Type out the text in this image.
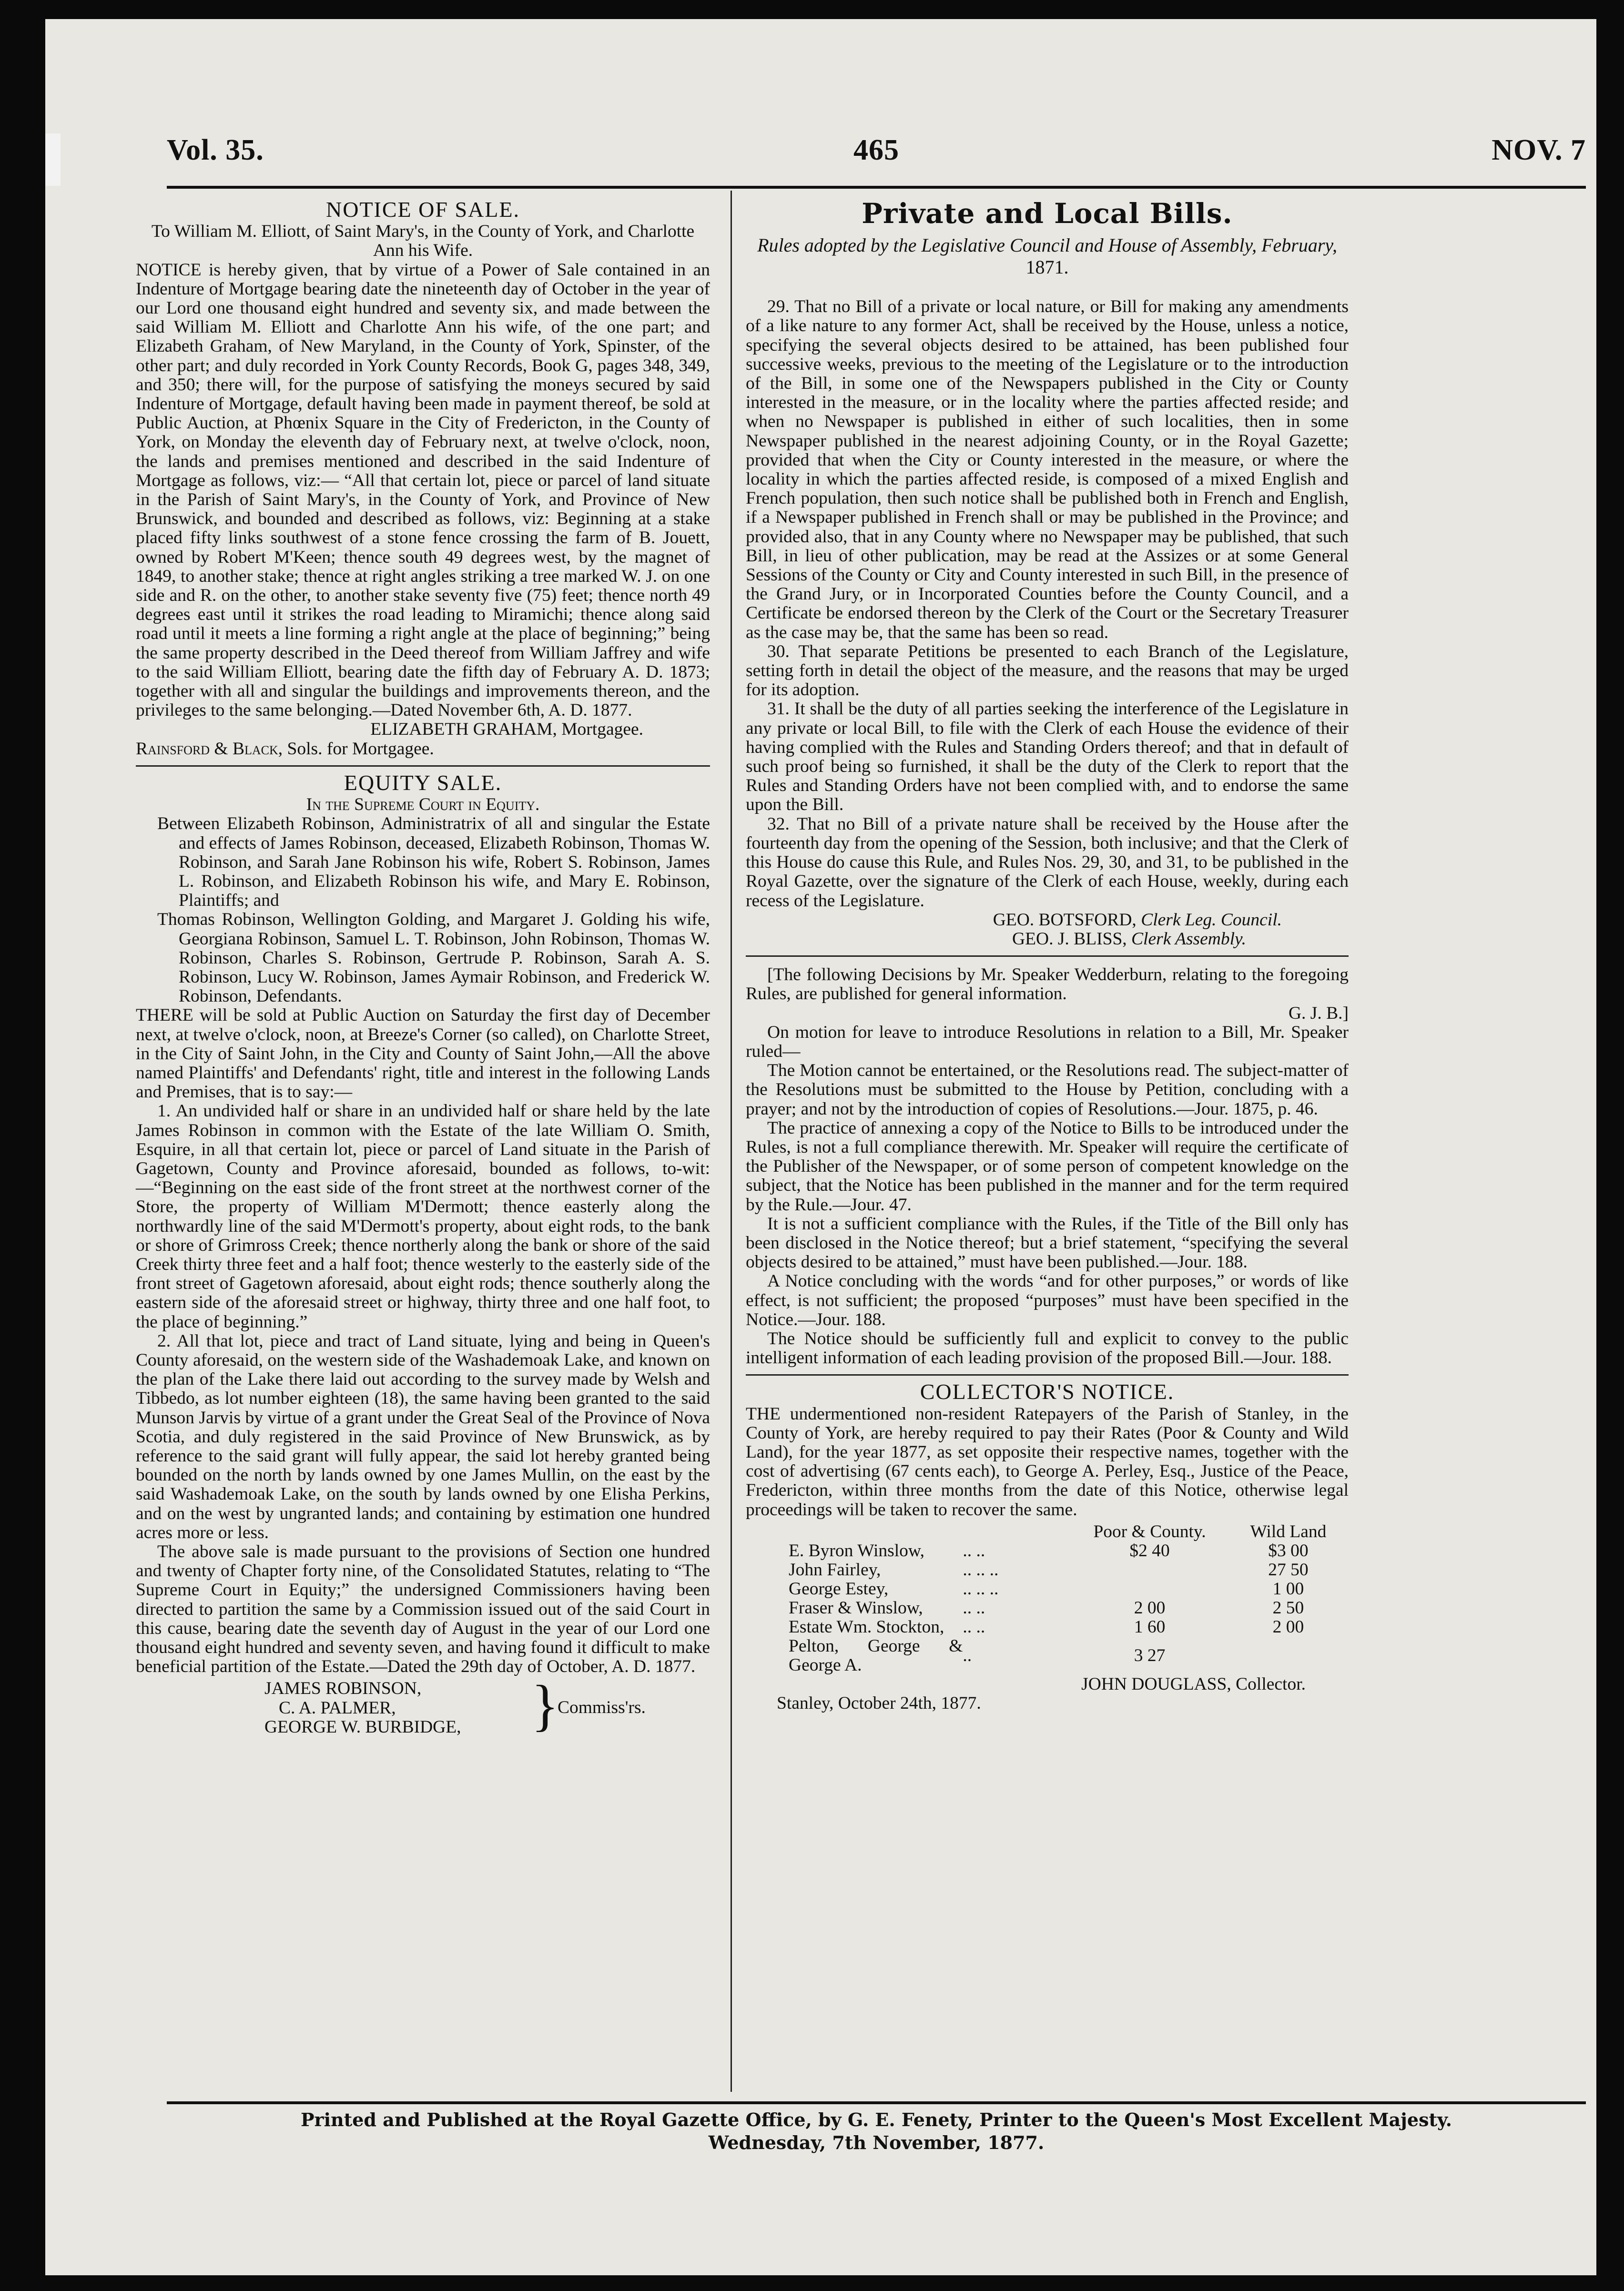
Vol. 35.	465	NOV. 7
NOTICE OF SALE.

To William M. Elliott, of Saint Mary's, in the County of York, and Charlotte Ann his Wife.

NOTICE is hereby given, that by virtue of a Power of Sale contained in an Indenture of Mortgage bearing date the nineteenth day of October in the year of our Lord one thousand eight hundred and seventy six, and made between the said William M. Elliott and Charlotte Ann his wife, of the one part; and Elizabeth Graham, of New Maryland, in the County of York, Spinster, of the other part; and duly recorded in York County Records, Book G, pages 348, 349, and 350; there will, for the purpose of satisfying the moneys secured by said Indenture of Mortgage, default having been made in payment thereof, be sold at Public Auction, at Phœnix Square in the City of Fredericton, in the County of York, on Monday the eleventh day of February next, at twelve o'clock, noon, the lands and premises mentioned and described in the said Indenture of Mortgage as follows, viz:— “All that certain lot, piece or parcel of land situate in the Parish of Saint Mary's, in the County of York, and Province of New Brunswick, and bounded and described as follows, viz: Beginning at a stake placed fifty links southwest of a stone fence crossing the farm of B. Jouett, owned by Robert M'Keen; thence south 49 degrees west, by the magnet of 1849, to another stake; thence at right angles striking a tree marked W. J. on one side and R. on the other, to another stake seventy five (75) feet; thence north 49 degrees east until it strikes the road leading to Miramichi; thence along said road until it meets a line forming a right angle at the place of beginning;” being the same property described in the Deed thereof from William Jaffrey and wife to the said William Elliott, bearing date the fifth day of February A. D. 1873; together with all and singular the buildings and improvements thereon, and the privileges to the same belonging.—Dated November 6th, A. D. 1877.

ELIZABETH GRAHAM, Mortgagee.

Rainsford & Black, Sols. for Mortgagee.

EQUITY SALE.

In the Supreme Court in Equity.

Between Elizabeth Robinson, Administratrix of all and singular the Estate and effects of James Robinson, deceased, Elizabeth Robinson, Thomas W. Robinson, and Sarah Jane Robinson his wife, Robert S. Robinson, James L. Robinson, and Elizabeth Robinson his wife, and Mary E. Robinson, Plaintiffs; and

Thomas Robinson, Wellington Golding, and Margaret J. Golding his wife, Georgiana Robinson, Samuel L. T. Robinson, John Robinson, Thomas W. Robinson, Charles S. Robinson, Gertrude P. Robinson, Sarah A. S. Robinson, Lucy W. Robinson, James Aymair Robinson, and Frederick W. Robinson, Defendants.

THERE will be sold at Public Auction on Saturday the first day of December next, at twelve o'clock, noon, at Breeze's Corner (so called), on Charlotte Street, in the City of Saint John, in the City and County of Saint John,—All the above named Plaintiffs' and Defendants' right, title and interest in the following Lands and Premises, that is to say:—

1. An undivided half or share in an undivided half or share held by the late James Robinson in common with the Estate of the late William O. Smith, Esquire, in all that certain lot, piece or parcel of Land situate in the Parish of Gagetown, County and Province aforesaid, bounded as follows, to-wit:—“Beginning on the east side of the front street at the northwest corner of the Store, the property of William M'Dermott; thence easterly along the northwardly line of the said M'Dermott's property, about eight rods, to the bank or shore of Grimross Creek; thence northerly along the bank or shore of the said Creek thirty three feet and a half foot; thence westerly to the easterly side of the front street of Gagetown aforesaid, about eight rods; thence southerly along the eastern side of the aforesaid street or highway, thirty three and one half foot, to the place of beginning.”

2. All that lot, piece and tract of Land situate, lying and being in Queen's County aforesaid, on the western side of the Washademoak Lake, and known on the plan of the Lake there laid out according to the survey made by Welsh and Tibbedo, as lot number eighteen (18), the same having been granted to the said Munson Jarvis by virtue of a grant under the Great Seal of the Province of Nova Scotia, and duly registered in the said Province of New Brunswick, as by reference to the said grant will fully appear, the said lot hereby granted being bounded on the north by lands owned by one James Mullin, on the east by the said Washademoak Lake, on the south by lands owned by one Elisha Perkins, and on the west by ungranted lands; and containing by estimation one hundred acres more or less.

The above sale is made pursuant to the provisions of Section one hundred and twenty of Chapter forty nine, of the Consolidated Statutes, relating to “The Supreme Court in Equity;” the undersigned Commissioners having been directed to partition the same by a Commission issued out of the said Court in this cause, bearing date the seventh day of August in the year of our Lord one thousand eight hundred and seventy seven, and having found it difficult to make beneficial partition of the Estate.—Dated the 29th day of October, A. D. 1877.

JAMES ROBINSON,
C. A. PALMER,
GEORGE W. BURBIDGE,	}
Commiss'rs.
Private and Local Bills.
Rules adopted by the Legislative Council and House of Assembly, February, 1871.

29. That no Bill of a private or local nature, or Bill for making any amendments of a like nature to any former Act, shall be received by the House, unless a notice, specifying the several objects desired to be attained, has been published four successive weeks, previous to the meeting of the Legislature or to the introduction of the Bill, in some one of the Newspapers published in the City or County interested in the measure, or in the locality where the parties affected reside; and when no Newspaper is published in either of such localities, then in some Newspaper published in the nearest adjoining County, or in the Royal Gazette; provided that when the City or County interested in the measure, or where the locality in which the parties affected reside, is composed of a mixed English and French population, then such notice shall be published both in French and English, if a Newspaper published in French shall or may be published in the Province; and provided also, that in any County where no Newspaper may be published, that such Bill, in lieu of other publication, may be read at the Assizes or at some General Sessions of the County or City and County interested in such Bill, in the presence of the Grand Jury, or in Incorporated Counties before the County Council, and a Certificate be endorsed thereon by the Clerk of the Court or the Secretary Treasurer as the case may be, that the same has been so read.

30. That separate Petitions be presented to each Branch of the Legislature, setting forth in detail the object of the measure, and the reasons that may be urged for its adoption.

31. It shall be the duty of all parties seeking the interference of the Legislature in any private or local Bill, to file with the Clerk of each House the evidence of their having complied with the Rules and Standing Orders thereof; and that in default of such proof being so furnished, it shall be the duty of the Clerk to report that the Rules and Standing Orders have not been complied with, and to endorse the same upon the Bill.

32. That no Bill of a private nature shall be received by the House after the fourteenth day from the opening of the Session, both inclusive; and that the Clerk of this House do cause this Rule, and Rules Nos. 29, 30, and 31, to be published in the Royal Gazette, over the signature of the Clerk of each House, weekly, during each recess of the Legislature.

GEO. BOTSFORD, Clerk Leg. Council.

GEO. J. BLISS, Clerk Assembly.

[The following Decisions by Mr. Speaker Wedderburn, relating to the foregoing Rules, are published for general information.

G. J. B.]

On motion for leave to introduce Resolutions in relation to a Bill, Mr. Speaker ruled—

The Motion cannot be entertained, or the Resolutions read. The subject-matter of the Resolutions must be submitted to the House by Petition, concluding with a prayer; and not by the introduction of copies of Resolutions.—Jour. 1875, p. 46.

The practice of annexing a copy of the Notice to Bills to be introduced under the Rules, is not a full compliance therewith. Mr. Speaker will require the certificate of the Publisher of the Newspaper, or of some person of competent knowledge on the subject, that the Notice has been published in the manner and for the term required by the Rule.—Jour. 47.

It is not a sufficient compliance with the Rules, if the Title of the Bill only has been disclosed in the Notice thereof; but a brief statement, “specifying the several objects desired to be attained,” must have been published.—Jour. 188.

A Notice concluding with the words “and for other purposes,” or words of like effect, is not sufficient; the proposed “purposes” must have been specified in the Notice.—Jour. 188.

The Notice should be sufficiently full and explicit to convey to the public intelligent information of each leading provision of the proposed Bill.—Jour. 188.

COLLECTOR'S NOTICE.

THE undermentioned non-resident Ratepayers of the Parish of Stanley, in the County of York, are hereby required to pay their Rates (Poor & County and Wild Land), for the year 1877, as set opposite their respective names, together with the cost of advertising (67 cents each), to George A. Perley, Esq., Justice of the Peace, Fredericton, within three months from the date of this Notice, otherwise legal proceedings will be taken to recover the same.

		Poor & County.	Wild Land
E. Byron Winslow,	.. ..	$2 40	$3 00
John Fairley,	.. .. ..		27 50
George Estey,	.. .. ..		1 00
Fraser & Winslow,	.. ..	2 00	2 50
Estate Wm. Stockton,	.. ..	1 60	2 00
Pelton, George & George A.	..	3 27	

JOHN DOUGLASS, Collector.

Stanley, October 24th, 1877.

Printed and Published at the Royal Gazette Office, by G. E. Fenety, Printer to the Queen's Most Excellent Majesty.
Wednesday, 7th November, 1877.
